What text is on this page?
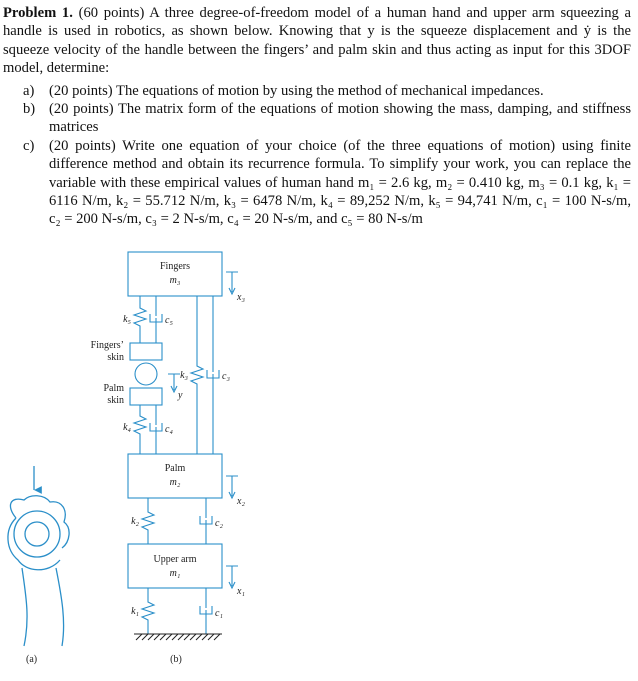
Problem 1. (60 points) A three degree-of-freedom model of a human hand and upper arm squeezing a handle is used in robotics, as shown below. Knowing that y is the squeeze displacement and ẏ is the squeeze velocity of the handle between the fingers’ and palm skin and thus acting as input for this 3DOF model, determine:

a) (20 points) The equations of motion by using the method of mechanical impedances.
b) (20 points) The matrix form of the equations of motion showing the mass, damping, and stiffness matrices
c) (20 points) Write one equation of your choice (of the three equations of motion) using finite difference method and obtain its recurrence formula. To simplify your work, you can replace the variable with these empirical values of human hand m₁ = 2.6 kg, m₂ = 0.410 kg, m₃ = 0.1 kg, k₁ = 6116 N/m, k₂ = 55.712 N/m, k₃ = 6478 N/m, k₄ = 89,252 N/m, k₅ = 94,741 N/m, c₁ = 100 N-s/m, c₂ = 200 N-s/m, c₃ = 2 N-s/m, c₄ = 20 N-s/m, and c₅ = 80 N-s/m
(a)
Fingers
m₃
Palm
m₂
Upper arm
m₁
Fingers’
skin
Palm
skin
k₅	c₅
k₄	c₄
k₃	c₃
k₂	c₂
k₁	c₁
x₃
x₂
x₁
y
(b)
